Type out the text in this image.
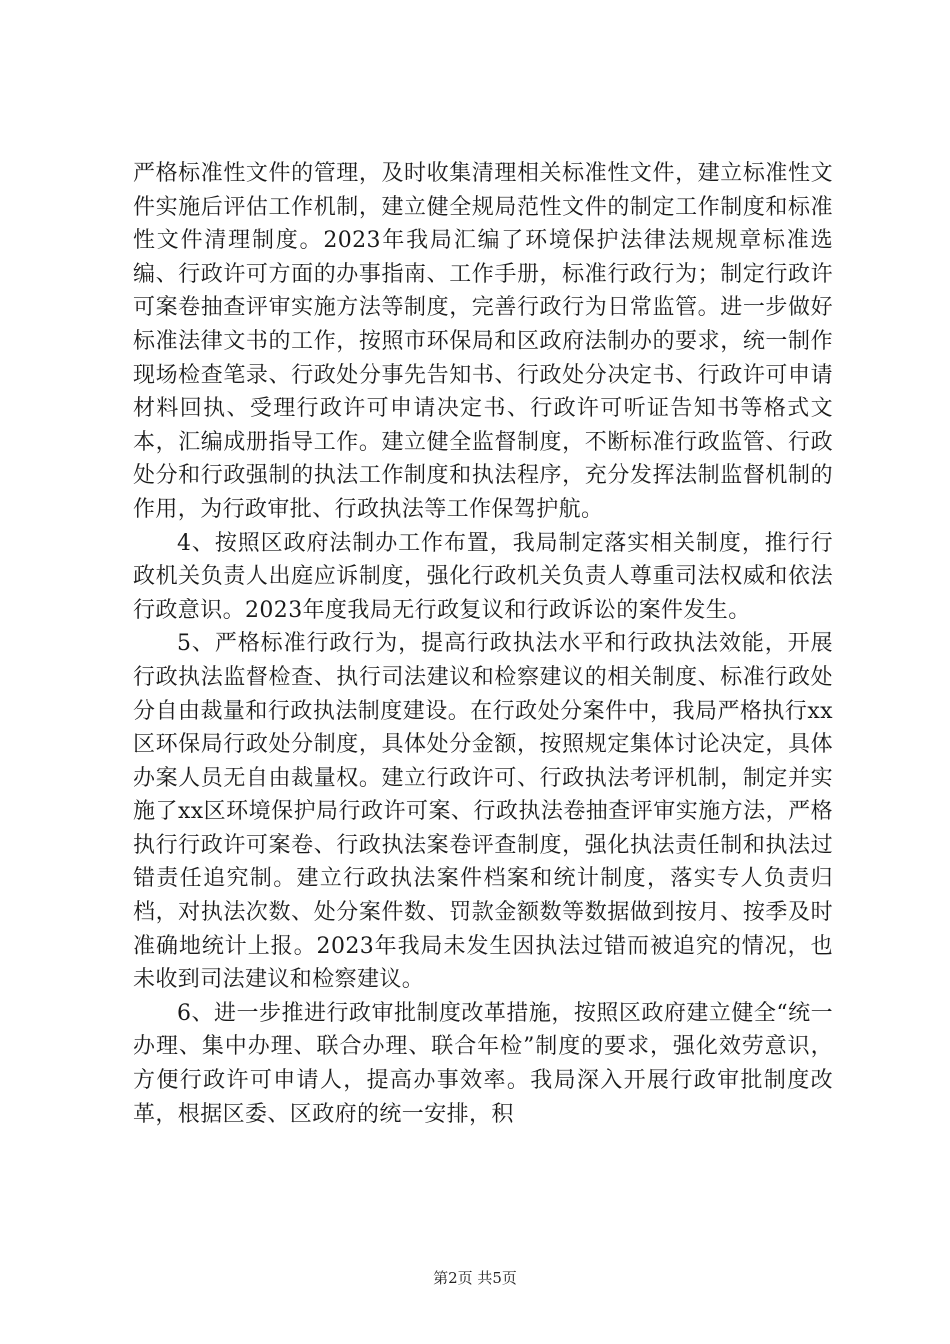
严格标准性文件的管理，及时收集清理相关标准性文件，建立标准性文件实施后评估工作机制，建立健全规局范性文件的制定工作制度和标准性文件清理制度。2023年我局汇编了环境保护法律法规规章标准选编、行政许可方面的办事指南、工作手册，标准行政行为；制定行政许可案卷抽查评审实施方法等制度，完善行政行为日常监管。进一步做好标准法律文书的工作，按照市环保局和区政府法制办的要求，统一制作现场检查笔录、行政处分事先告知书、行政处分决定书、行政许可申请材料回执、受理行政许可申请决定书、行政许可听证告知书等格式文本，汇编成册指导工作。建立健全监督制度，不断标准行政监管、行政处分和行政强制的执法工作制度和执法程序，充分发挥法制监督机制的作用，为行政审批、行政执法等工作保驾护航。

4、按照区政府法制办工作布置，我局制定落实相关制度，推行行政机关负责人出庭应诉制度，强化行政机关负责人尊重司法权威和依法行政意识。2023年度我局无行政复议和行政诉讼的案件发生。

5、严格标准行政行为，提高行政执法水平和行政执法效能，开展行政执法监督检查、执行司法建议和检察建议的相关制度、标准行政处分自由裁量和行政执法制度建设。在行政处分案件中，我局严格执行xx区环保局行政处分制度，具体处分金额，按照规定集体讨论决定，具体办案人员无自由裁量权。建立行政许可、行政执法考评机制，制定并实施了xx区环境保护局行政许可案、行政执法卷抽查评审实施方法，严格执行行政许可案卷、行政执法案卷评查制度，强化执法责任制和执法过错责任追究制。建立行政执法案件档案和统计制度，落实专人负责归档，对执法次数、处分案件数、罚款金额数等数据做到按月、按季及时准确地统计上报。2023年我局未发生因执法过错而被追究的情况，也未收到司法建议和检察建议。

6、进一步推进行政审批制度改革措施，按照区政府建立健全“统一办理、集中办理、联合办理、联合年检”制度的要求，强化效劳意识，方便行政许可申请人，提高办事效率。我局深入开展行政审批制度改革，根据区委、区政府的统一安排，积

第2页 共5页
